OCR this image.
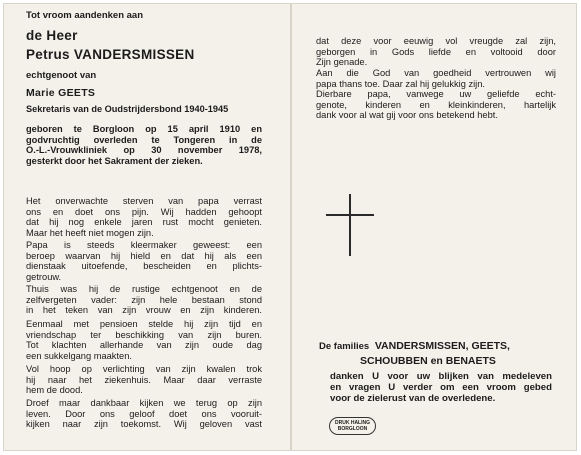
Tot vroom aandenken aan
de Heer
Petrus VANDERSMISSEN
echtgenoot van
Marie GEETS
Sekretaris van de Oudstrijdersbond 1940-1945
geboren te Borgloon op 15 april 1910 en
godvruchtig overleden te Tongeren in de
O.-L.-Vrouwkliniek op 30 november 1978,
gesterkt door het Sakrament der zieken.
Het onverwachte sterven van papa verrast
ons en doet ons pijn. Wij hadden gehoopt
dat hij nog enkele jaren rust mocht genieten.
Maar het heeft niet mogen zijn.
Papa is steeds kleermaker geweest: een
beroep waarvan hij hield en dat hij als een
dienstaak uitoefende, bescheiden en plichts-
getrouw.
Thuis was hij de rustige echtgenoot en de
zelfvergeten vader: zijn hele bestaan stond
in het teken van zijn vrouw en zijn kinderen.
Eenmaal met pensioen stelde hij zijn tijd en
vriendschap ter beschikking van zijn buren.
Tot klachten allerhande van zijn oude dag
een sukkelgang maakten.
Vol hoop op verlichting van zijn kwalen trok
hij naar het ziekenhuis. Maar daar verraste
hem de dood.
Droef maar dankbaar kijken we terug op zijn
leven. Door ons geloof doet ons vooruit-
kijken naar zijn toekomst. Wij geloven vast
dat deze voor eeuwig vol vreugde zal zijn,
geborgen in Gods liefde en voltooid door
Zijn genade.
Aan die God van goedheid vertrouwen wij
papa thans toe. Daar zal hij gelukkig zijn.
Dierbare papa, vanwege uw geliefde echt-
genote, kinderen en kleinkinderen, hartelijk
dank voor al wat gij voor ons betekend hebt.
De families VANDERSMISSEN, GEETS,
SCHOUBBEN en BENAETS
danken U voor uw blijken van medeleven
en vragen U verder om een vroom gebed
voor de zielerust van de overledene.
DRUK HALING
BORGLOON
